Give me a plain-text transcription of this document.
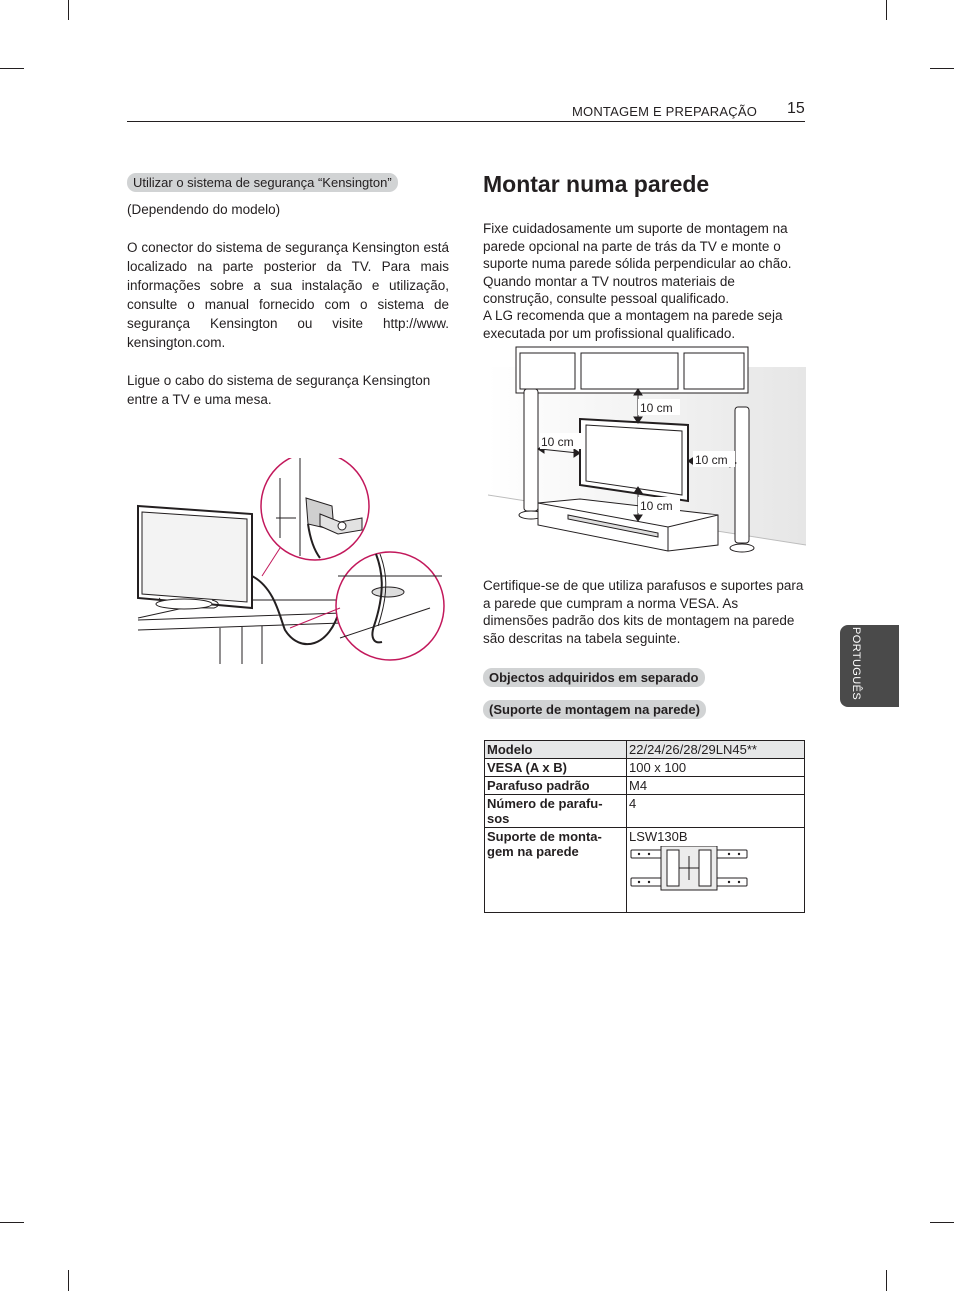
MONTAGEM E PREPARAÇÃO 15
PORTUGUÊS
Utilizar o sistema de segurança “Kensington”
(Dependendo do modelo)
O conector do sistema de segurança Kensington está localizado na parte posterior da TV. Para mais informações sobre a sua instalação e utilização, consulte o manual fornecido com o sistema de segurança Kensington ou visite http://www. kensington.com.
Ligue o cabo do sistema de segurança Kensington entre a TV e uma mesa.
Montar numa parede
Fixe cuidadosamente um suporte de montagem na parede opcional na parte de trás da TV e monte o suporte numa parede sólida perpendicular ao chão. Quando montar a TV noutros materiais de construção, consulte pessoal qualificado.
A LG recomenda que a montagem na parede seja executada por um profissional qualificado.
10 cm
10 cm
10 cm
10 cm
Certifique-se de que utiliza parafusos e suportes para a parede que cumpram a norma VESA. As dimensões padrão dos kits de montagem na parede são descritas na tabela seguinte.
Objectos adquiridos em separado
(Suporte de montagem na parede)
Modelo	22/24/26/28/29LN45**
VESA (A x B)	100 x 100
Parafuso padrão	M4
Número de parafu-sos	4
Suporte de monta-gem na parede	LSW130B
